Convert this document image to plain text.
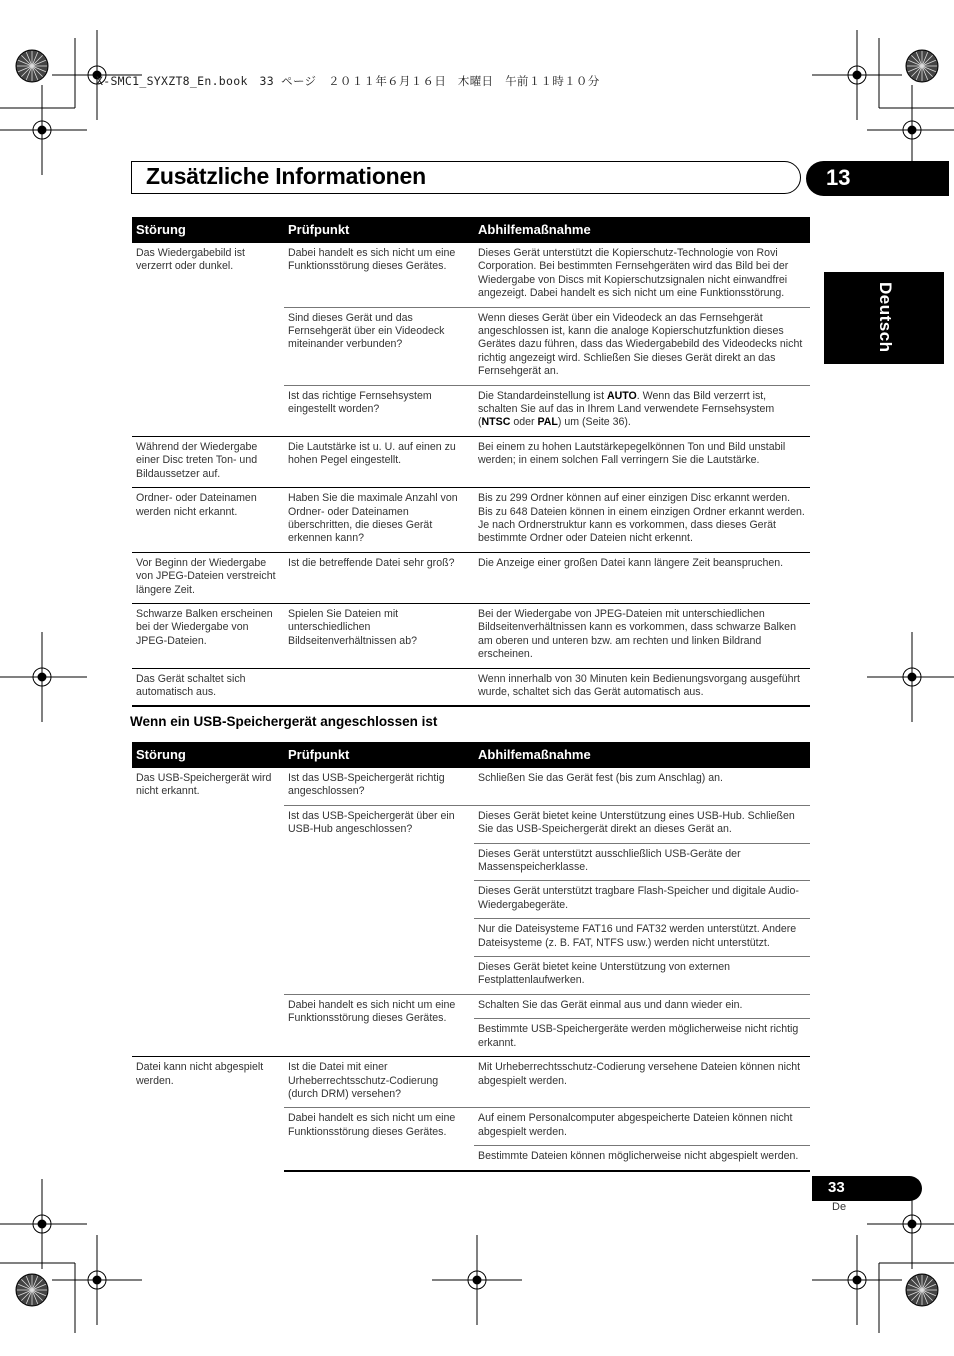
X-SMC1_SYXZT8_En.book　33 ページ　２０１１年６月１６日　木曜日　午前１１時１０分
Zusätzliche Informationen	13
Deutsch
Störung	Prüfpunkt	Abhilfemaßnahme
Das Wiedergabebild ist verzerrt oder dunkel.	Dabei handelt es sich nicht um eine Funktionsstörung dieses Gerätes.	Dieses Gerät unterstützt die Kopierschutz-Technologie von Rovi Corporation. Bei bestimmten Fernsehgeräten wird das Bild bei der Wiedergabe von Discs mit Kopierschutzsignalen nicht einwandfrei angezeigt. Dabei handelt es sich nicht um eine Funktionsstörung.
	Sind dieses Gerät und das Fernsehgerät über ein Videodeck miteinander verbunden?	Wenn dieses Gerät über ein Videodeck an das Fernsehgerät angeschlossen ist, kann die analoge Kopierschutzfunktion dieses Gerätes dazu führen, dass das Wiedergabebild des Videodecks nicht richtig angezeigt wird. Schließen Sie dieses Gerät direkt an das Fernsehgerät an.
	Ist das richtige Fernsehsystem eingestellt worden?	Die Standardeinstellung ist AUTO. Wenn das Bild verzerrt ist, schalten Sie auf das in Ihrem Land verwendete Fernsehsystem (NTSC oder PAL) um (Seite 36).
Während der Wiedergabe einer Disc treten Ton- und Bildaussetzer auf.	Die Lautstärke ist u. U. auf einen zu hohen Pegel eingestellt.	Bei einem zu hohen Lautstärkepegelkönnen Ton und Bild unstabil werden; in einem solchen Fall verringern Sie die Lautstärke.
Ordner- oder Dateinamen werden nicht erkannt.	Haben Sie die maximale Anzahl von Ordner- oder Dateinamen überschritten, die dieses Gerät erkennen kann?	Bis zu 299 Ordner können auf einer einzigen Disc erkannt werden. Bis zu 648 Dateien können in einem einzigen Ordner erkannt werden. Je nach Ordnerstruktur kann es vorkommen, dass dieses Gerät bestimmte Ordner oder Dateien nicht erkennt.
Vor Beginn der Wiedergabe von JPEG-Dateien verstreicht längere Zeit.	Ist die betreffende Datei sehr groß?	Die Anzeige einer großen Datei kann längere Zeit beanspruchen.
Schwarze Balken erscheinen bei der Wiedergabe von JPEG-Dateien.	Spielen Sie Dateien mit unterschiedlichen Bildseitenverhältnissen ab?	Bei der Wiedergabe von JPEG-Dateien mit unterschiedlichen Bildseitenverhältnissen kann es vorkommen, dass schwarze Balken am oberen und unteren bzw. am rechten und linken Bildrand erscheinen.
Das Gerät schaltet sich automatisch aus.		Wenn innerhalb von 30 Minuten kein Bedienungsvorgang ausgeführt wurde, schaltet sich das Gerät automatisch aus.
Wenn ein USB-Speichergerät angeschlossen ist
Störung	Prüfpunkt	Abhilfemaßnahme
Das USB-Speichergerät wird nicht erkannt.	Ist das USB-Speichergerät richtig angeschlossen?	Schließen Sie das Gerät fest (bis zum Anschlag) an.
	Ist das USB-Speichergerät über ein USB-Hub angeschlossen?	Dieses Gerät bietet keine Unterstützung eines USB-Hub. Schließen Sie das USB-Speichergerät direkt an dieses Gerät an.
		Dieses Gerät unterstützt ausschließlich USB-Geräte der Massenspeicherklasse.
		Dieses Gerät unterstützt tragbare Flash-Speicher und digitale Audio-Wiedergabegeräte.
		Nur die Dateisysteme FAT16 und FAT32 werden unterstützt. Andere Dateisysteme (z. B. FAT, NTFS usw.) werden nicht unterstützt.
		Dieses Gerät bietet keine Unterstützung von externen Festplattenlaufwerken.
	Dabei handelt es sich nicht um eine Funktionsstörung dieses Gerätes.	Schalten Sie das Gerät einmal aus und dann wieder ein.
		Bestimmte USB-Speichergeräte werden möglicherweise nicht richtig erkannt.
Datei kann nicht abgespielt werden.	Ist die Datei mit einer Urheberrechtsschutz-Codierung (durch DRM) versehen?	Mit Urheberrechtsschutz-Codierung versehene Dateien können nicht abgespielt werden.
	Dabei handelt es sich nicht um eine Funktionsstörung dieses Gerätes.	Auf einem Personalcomputer abgespeicherte Dateien können nicht abgespielt werden.
		Bestimmte Dateien können möglicherweise nicht abgespielt werden.
33
De
